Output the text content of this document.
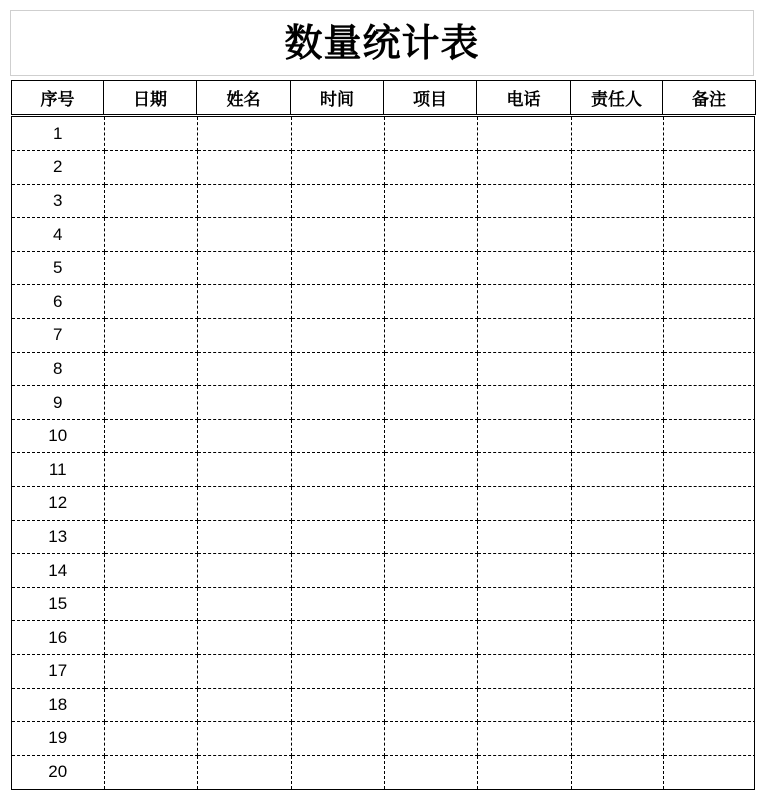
数量统计表
序号	日期	姓名	时间	项目	电话	责任人	备注
1							
2							
3							
4							
5							
6							
7							
8							
9							
10							
11							
12							
13							
14							
15							
16							
17							
18							
19							
20							
